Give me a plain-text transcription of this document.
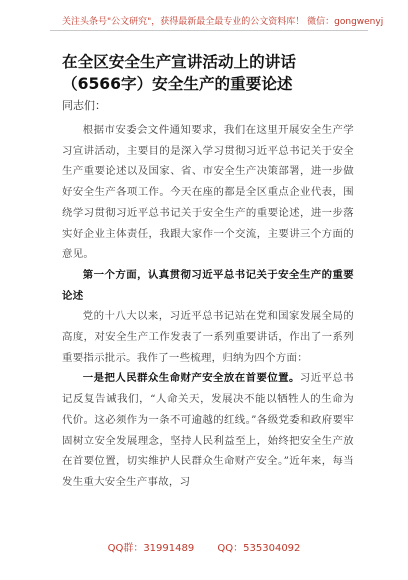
关注头条号"公文研究"，获得最新最全最专业的公文资料库！ 微信：gongwenyj
在全区安全生产宣讲活动上的讲话（6566字）安全生产的重要论述
同志们：

根据市安委会文件通知要求，我们在这里开展安全生产学习宣讲活动，主要目的是深入学习贯彻习近平总书记关于安全生产重要论述以及国家、省、市安全生产决策部署，进一步做好安全生产各项工作。今天在座的都是全区重点企业代表，围绕学习贯彻习近平总书记关于安全生产的重要论述，进一步落实好企业主体责任，我跟大家作一个交流，主要讲三个方面的意见。

第一个方面，认真贯彻习近平总书记关于安全生产的重要论述

党的十八大以来，习近平总书记站在党和国家发展全局的高度，对安全生产工作发表了一系列重要讲话，作出了一系列重要指示批示。我作了一些梳理，归纳为四个方面：

一是把人民群众生命财产安全放在首要位置。习近平总书记反复告诫我们，“人命关天，发展决不能以牺牲人的生命为代价。这必须作为一条不可逾越的红线。”各级党委和政府要牢固树立安全发展理念，坚持人民利益至上，始终把安全生产放在首要位置，切实维护人民群众生命财产安全。”近年来，每当发生重大安全生产事故，习

QQ群：31991489 QQ：535304092
